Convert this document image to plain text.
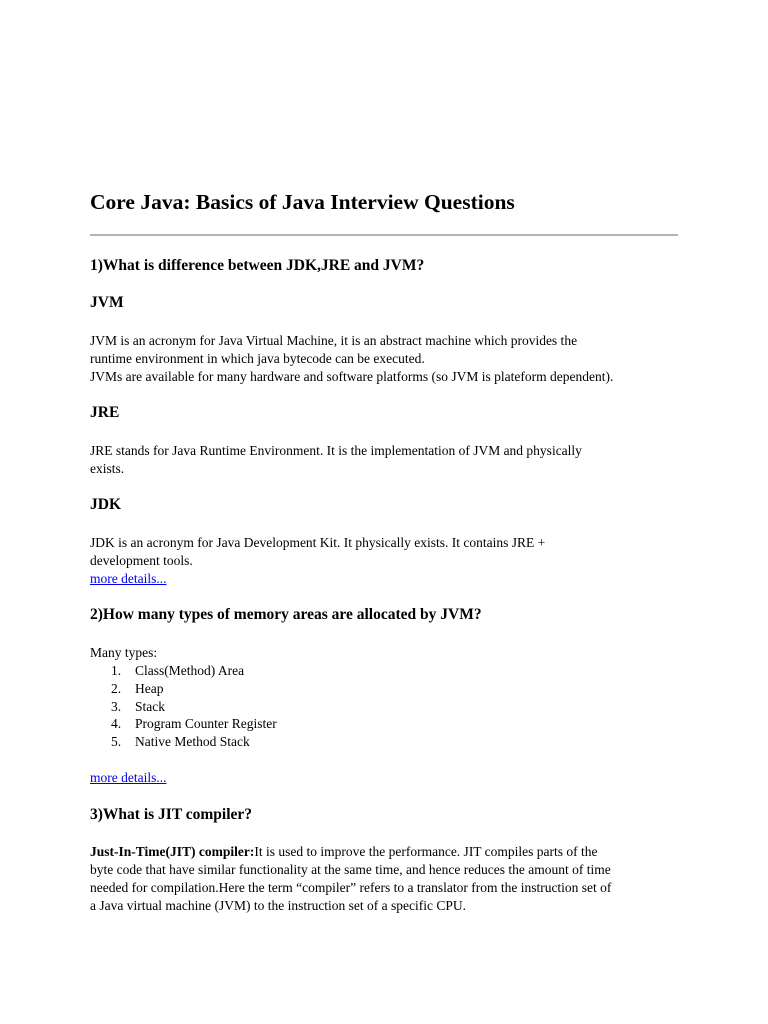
Core Java: Basics of Java Interview Questions
1)What is difference between JDK,JRE and JVM?
JVM
JVM is an acronym for Java Virtual Machine, it is an abstract machine which provides the
runtime environment in which java bytecode can be executed.
JVMs are available for many hardware and software platforms (so JVM is plateform dependent).
JRE
JRE stands for Java Runtime Environment. It is the implementation of JVM and physically
exists.
JDK
JDK is an acronym for Java Development Kit. It physically exists. It contains JRE +
development tools.
more details...
2)How many types of memory areas are allocated by JVM?
Many types:
1. Class(Method) Area
2. Heap
3. Stack
4. Program Counter Register
5. Native Method Stack
more details...
3)What is JIT compiler?
Just-In-Time(JIT) compiler:It is used to improve the performance. JIT compiles parts of the
byte code that have similar functionality at the same time, and hence reduces the amount of time
needed for compilation.Here the term “compiler” refers to a translator from the instruction set of
a Java virtual machine (JVM) to the instruction set of a specific CPU.
